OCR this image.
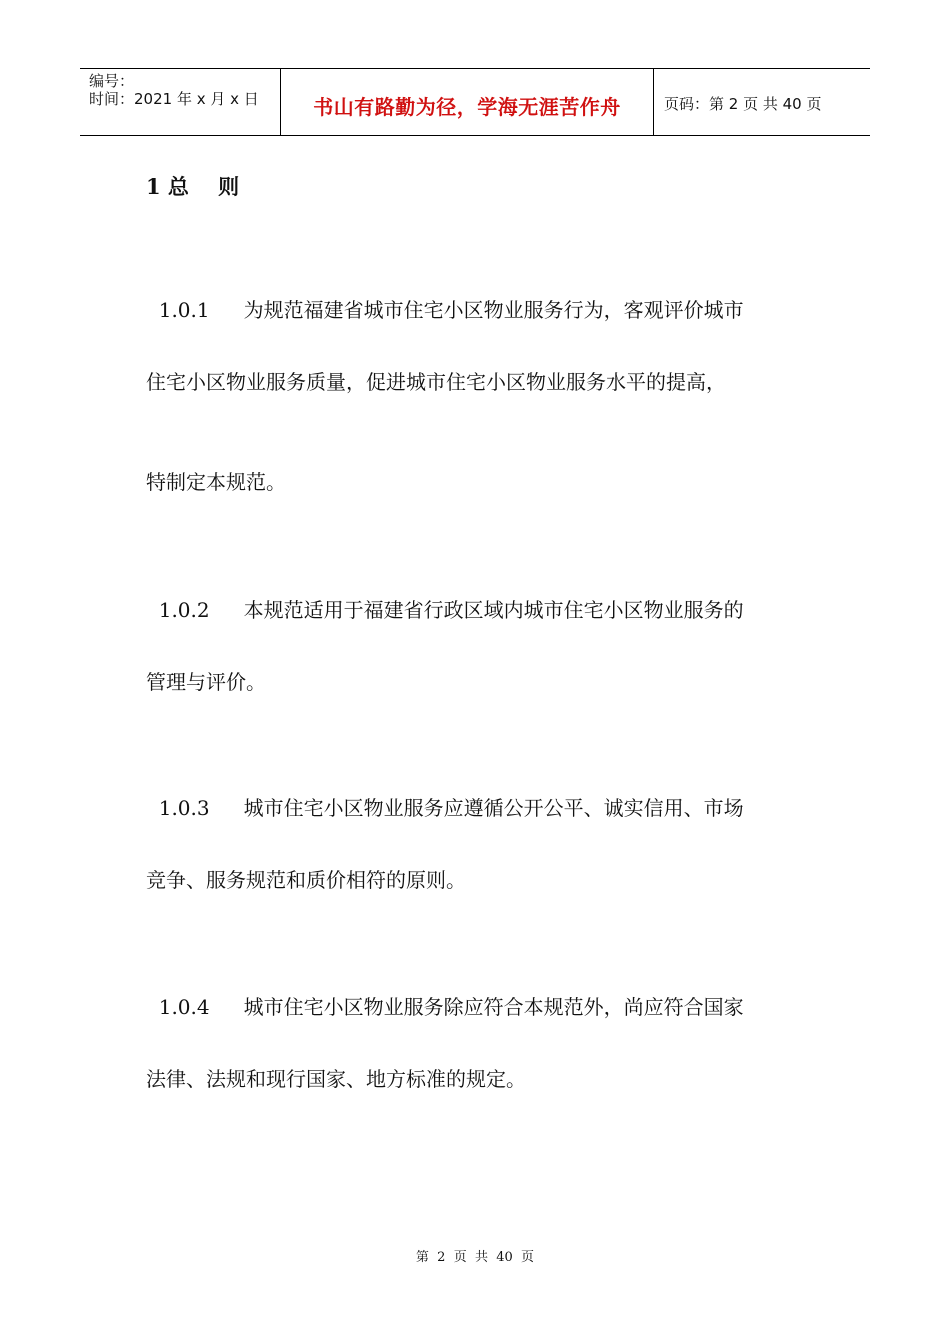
编号：
时间：2021 年 x 月 x 日	书山有路勤为径，学海无涯苦作舟	页码：第 2 页 共 40 页
1 总    则

1.0.1 为规范福建省城市住宅小区物业服务行为，客观评价城市

住宅小区物业服务质量，促进城市住宅小区物业服务水平的提高，
特制定本规范。

1.0.2 本规范适用于福建省行政区域内城市住宅小区物业服务的

管理与评价。

1.0.3 城市住宅小区物业服务应遵循公开公平、诚实信用、市场

竞争、服务规范和质价相符的原则。

1.0.4 城市住宅小区物业服务除应符合本规范外，尚应符合国家

法律、法规和现行国家、地方标准的规定。
第  2  页  共  40  页
